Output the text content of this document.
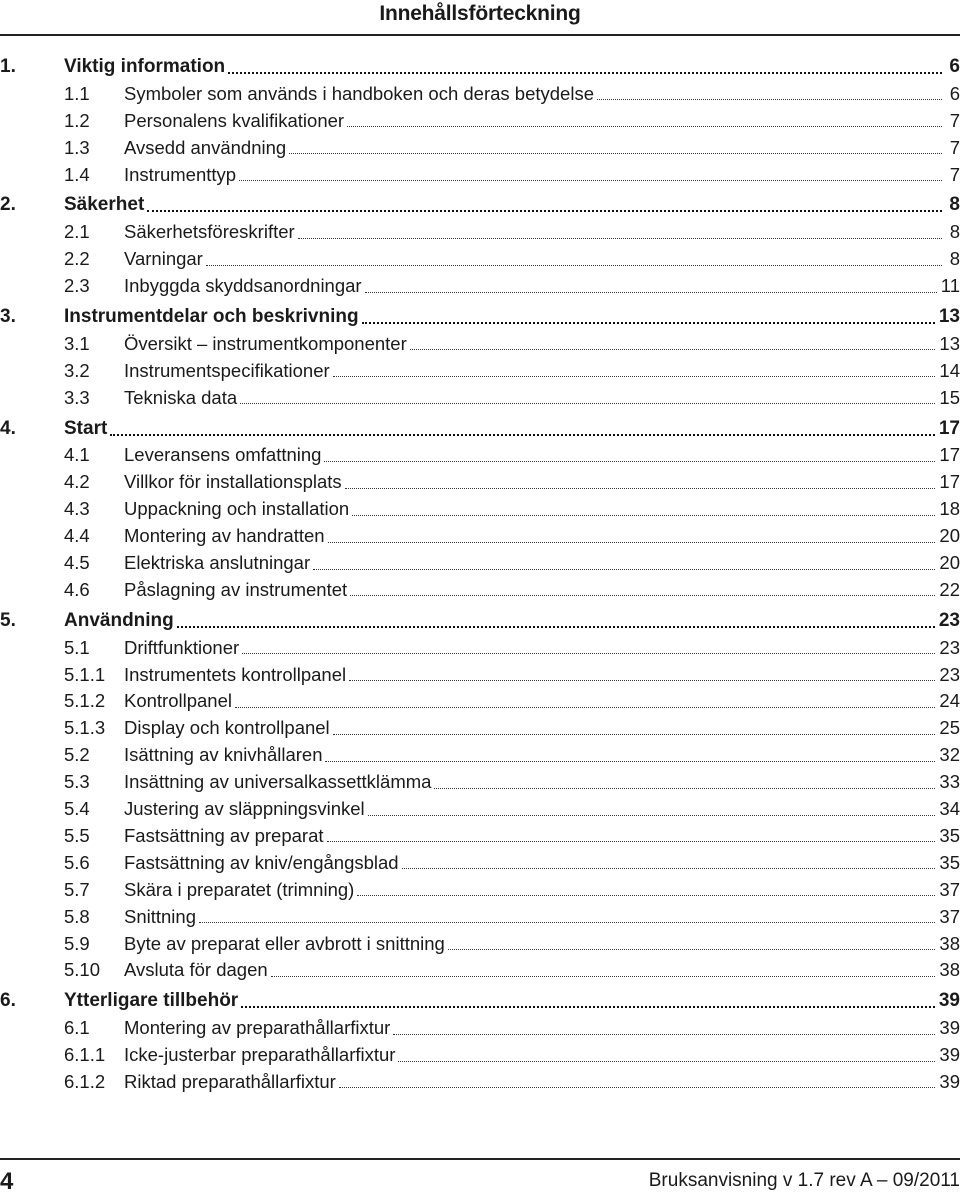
Innehållsförteckning
1.	Viktig information	6
1.1 Symboler som används i handboken och deras betydelse	6
1.2 Personalens kvalifikationer	7
1.3 Avsedd användning	7
1.4 Instrumenttyp	7
2.	Säkerhet	8
2.1 Säkerhetsföreskrifter	8
2.2 Varningar	8
2.3 Inbyggda skyddsanordningar	11
3.	Instrumentdelar och beskrivning	13
3.1 Översikt – instrumentkomponenter	13
3.2 Instrumentspecifikationer	14
3.3 Tekniska data	15
4.	Start	17
4.1 Leveransens omfattning	17
4.2 Villkor för installationsplats	17
4.3 Uppackning och installation	18
4.4 Montering av handratten	20
4.5 Elektriska anslutningar	20
4.6 Påslagning av instrumentet	22
5.	Användning	23
5.1 Driftfunktioner	23
5.1.1 Instrumentets kontrollpanel	23
5.1.2 Kontrollpanel	24
5.1.3 Display och kontrollpanel	25
5.2 Isättning av knivhållaren	32
5.3 Insättning av universalkassettklämma	33
5.4 Justering av släppningsvinkel	34
5.5 Fastsättning av preparat	35
5.6 Fastsättning av kniv/engångsblad	35
5.7 Skära i preparatet (trimning)	37
5.8 Snittning	37
5.9 Byte av preparat eller avbrott i snittning	38
5.10 Avsluta för dagen	38
6.	Ytterligare tillbehör	39
6.1 Montering av preparathållarfixtur	39
6.1.1 Icke-justerbar preparathållarfixtur	39
6.1.2 Riktad preparathållarfixtur	39
4	Bruksanvisning v 1.7 rev A – 09/2011
